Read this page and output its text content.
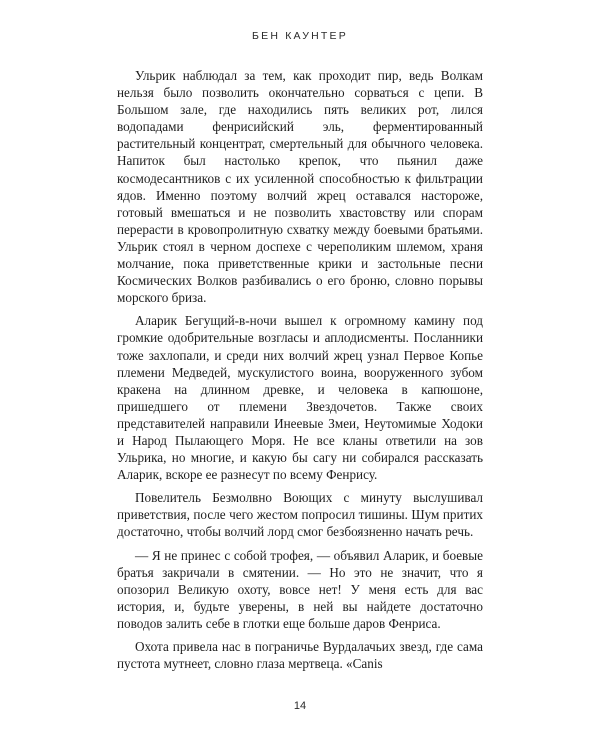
БЕН КАУНТЕР

Ульрик наблюдал за тем, как проходит пир, ведь Волкам нельзя было позволить окончательно сорваться с цепи. В Большом зале, где находились пять великих рот, лился водопадами фенрисийский эль, ферментированный растительный концентрат, смертельный для обычного человека. Напиток был настолько крепок, что пьянил даже космодесантников с их усиленной способностью к фильтрации ядов. Именно поэтому волчий жрец оставался настороже, готовый вмешаться и не позволить хвастовству или спорам перерасти в кровопролитную схватку между боевыми братьями. Ульрик стоял в черном доспехе с череполиким шлемом, храня молчание, пока приветственные крики и застольные песни Космических Волков разбивались о его броню, словно порывы морского бриза.

Аларик Бегущий-в-ночи вышел к огромному камину под громкие одобрительные возгласы и аплодисменты. Посланники тоже захлопали, и среди них волчий жрец узнал Первое Копье племени Медведей, мускулистого воина, вооруженного зубом кракена на длинном древке, и человека в капюшоне, пришедшего от племени Звездочетов. Также своих представителей направили Инеевые Змеи, Неутомимые Ходоки и Народ Пылающего Моря. Не все кланы ответили на зов Ульрика, но многие, и какую бы сагу ни собирался рассказать Аларик, вскоре ее разнесут по всему Фенрису.

Повелитель Безмолвно Воющих с минуту выслушивал приветствия, после чего жестом попросил тишины. Шум притих достаточно, чтобы волчий лорд смог безбоязненно начать речь.

— Я не принес с собой трофея, — объявил Аларик, и боевые братья закричали в смятении. — Но это не значит, что я опозорил Великую охоту, вовсе нет! У меня есть для вас история, и, будьте уверены, в ней вы найдете достаточно поводов залить себе в глотки еще больше даров Фенриса.

Охота привела нас в пограничье Вурдалачьих звезд, где сама пустота мутнеет, словно глаза мертвеца. «Canis

14
